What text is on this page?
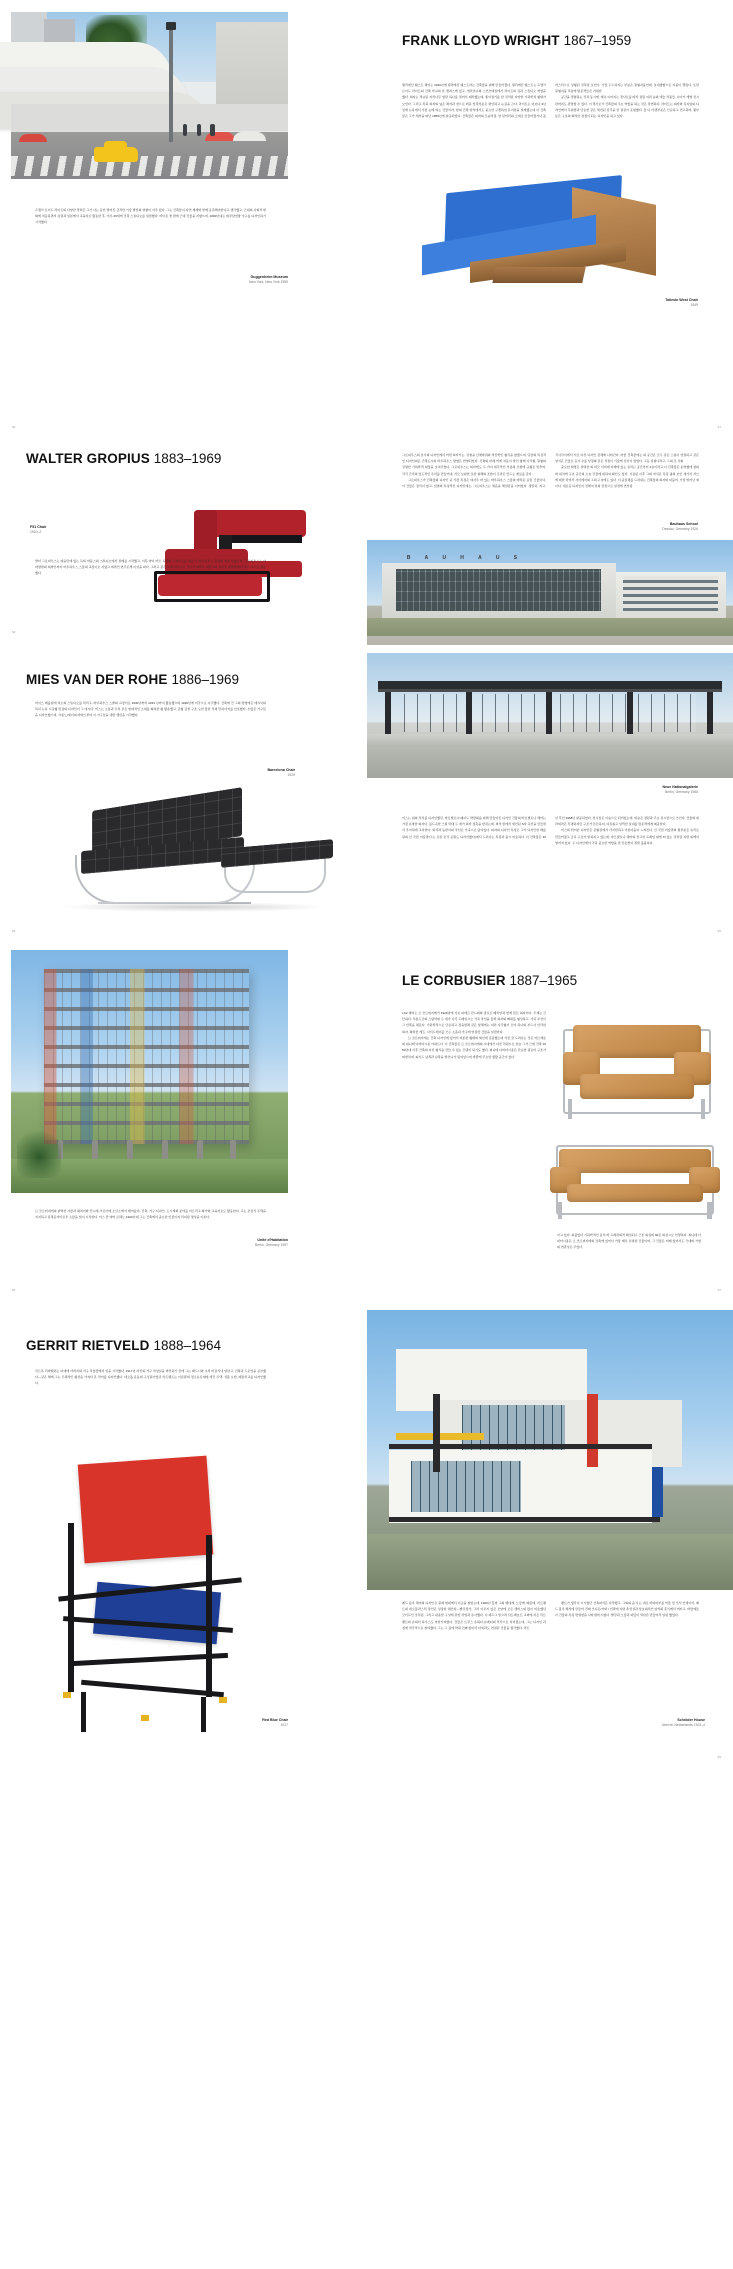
프랭크 로이드 라이트의 다양한 경력은 그가 사는 동안 벌어진 급격한 기술 발전의 영향이 아주 컸다. 그는 건축물이 자연 세계와 함께 공존해야한다고 생각했고, 근대의 사회적 변화에 적응하면서 유럽과 일본에서 교육자로 활동한 후, 겨우 26세에 건축 스튜디오를 설립했다. 마이온 첫 편에 근대 건물을 지향으며, 1800년대는 데쿠샵연방 가구를 디자인하기 시작했다.

60
FRANK LLOYD WRIGHT 1867–1959

탤리에신 웨스트 체어는 1940년에 탤리에신 웨스트라는 건축물을 위해 만들어졌다. 탤리에신 웨스트는 프랭크 로이드 라이트의 건축 학교의 본 캠퍼스에 있고, 애리조나의 스코츠데일에서 라이트의 집과 스튜디오 역할을 했다. 의자는 적층된 자작나무 합판 하나를 접어서 제작했는데, 종이접기를 한 것처럼 다양한 기하학적 형태가 보인다. 그리고 특히 의자의 넓은 좌석과 천으로 씌운 앞쪽부분은 편안하고 눈길을 끈다. 라이트는 이보다 3년 전에 뉴욕에서 가장 눈에 띄는 건물이자, 현대 건축 양식에서도 중요한 구겐하임 뮤지엄을 설계했는데 이 건축물은 그가 세상을 떠난 1959년에 완공되었다. 건축물은 의자의 모습처럼, 한 덩어리의 소재로 만들어졌거나 플라스틱으로 성형된 것처럼 보인다. 가장 두드러지는 부분은 원형지붕인데, 실내방향으로 지붕이 열린다. 또한 원형지붕 덕분에 방문객들은 거대한

공간을 경험하는 것과 동시에, 계속 이어지는 경사로를 따라 걸린 여러 층의 예술 작품들, 나아가 개별 전시관까지도 관람할 수 있다. 이 경사로가 건축물의 주요 역할을 하는 것은 당연하다. 라이트는 의자와 뮤지엄의 디자인에서 무위함과 단순함 같은 세련된 감각을 한 결같이 표현했다. 둘 다 아랫부분은 단순하고 견고하며, 윗부분은 구조의 화려한 정점이 되는 디자인을 하고 있다.

Taliesin West Chair
1949
61
Guggenheim Museum
New York, New York 1959
WALTER GROPIUS 1883–1969
F51 Chair
1920–2

발터 그로피우스는 배움만에 있는 독의 바움스의 스튜디오에서 관례를 시작했고, 이후 바이 마르 독립의 스튜디오를 처음인, 바우하우스 공립의 체질 인물로서, 그로피우스는 아바방면의 데싸인까지 바우하우스 스물의 교장이로 지냈고 데싸인 연주로세 이상을 펴다. 그러고 같은 독에 미국으로 건너가 파버드 대학교의 디자인 대학원에서 교수 교수로 활동했다.

62

그로피우스의 초기의 디자인에서 어떤 의자가는, 강철을 신체바퀴의 적산학인 형식을 없앴으며, 당장의 특징적인 디자인의은 건축도시의 바우하우스 방법은 반영되었다. 건축의 비례·미에 처음이 말인 형태 사각형, 원형의 강렬한 기하학적 대칭을 보여주었다. 그로피우스는 의자에도 두 가지 대각적인 부분의 조합에 규형은 맞추며, 각각 간격의 전도적인 우리를 만들어내, 서로 보완한 또한 위해의 조합이 군관은 만드는 재료를 갖다.

그로피우스가 건축물의 디자인 중 가장 특징은 데사우 바 있는 바우하우스 스물의 바라운 공립 건물이다. 이 건물은 장식이 없고, 입면의 특징적인 디자인에는, 그로피우스는 세운을 해결감을 이미었다. 정말히, 지고, 직사각이에서 서로 다른 디자인 전체에 나타난다. 바깥 건축물에는 의 공간은 모두 같은 스롬이 연결하고 같은 양식은 건물로 공사 수를 상징화 같은 성질이 기술에 전강이 업었다. 고등 삼위나라고, 그의 또 사회

중요한 혁명은 설명한 의 네모 서비에 자체에 있는 유리는 공간부터 1층이라고 이 건축물은 운영형에 창의와 위치에 구조 공간의 오늘 건물에 대하여 확인도 있다. 사용된 이후 그의 자식은 특징 광의 보인 새가서 서브에 대한 리어서 사이에서의 그의 구성에도 있다. 이 중심체를 드러내는 건축물의 의자와 더불어, 가장 뛰어난 예이다. 새로운 디자인이 전해져 전의 상징으로 설정에 연상됨.

Bauhaus School
Dessau, Germany 1926
B	A	U	H	A	U	S
MIES VAN DER ROHE 1886–1969

미이스 베를린에 처소의 스튜디오를 차리고, 바우하우스 스쿨의 교장이로 1930년까지 1933 년까지 활동했으며 1930년에 미국으로 이주했다. 건축에 건 그의 방법에은 테크닉의 특히 뉴욕 시강형 밀집의 디자인이 그 예시다. 미스는 소통과 무리 같은 현대적인 소재를 화려한 형 활용했고, 균형 깊힌 구조 요한 물한 식의 만하아져를 선호했다. 수많은 가구들을 디자인했으며, 크롬노/데이의 마바스부터 이 가구들을 내말 생산을 시작했다.

Barcelona Chair
1929
64
Neue Nationalgalerie
Berlin, Germany 1968

미스는 위의 작식를 디자인했던, 바로셀로나 페이드 박람회를 위해 만들어진 디자인 건물의 바로셀로나 체어는 가장 유명한 의자다. 볼드곡한 스틸 막대 두 개가 의자 접촉을 받치는데, 외석 밑에서 세련된 S자 곡선을 만들면서 우아하게 교차한다. 외석과 등받이의 쿠션은 가죽으로 덮여있다. 의자의 디자인 특징은 그가 디자인한 베를린의 신 국립 미술관(그는 또한 조각 공원도 디자인했다)에서 드러나는 특징과 몹시 비슷하다. 이 건축물은 40년 후인 1968년 완공되었다. 전시장은 이층으로 되어있는데, 외층은 정원과 주요 전시장으로 쓰인다. 건물의 위라외라은 투명하지만 구조가 튼튼하여, 여유롭고 널찍한 실내를 방문객에게 제공한다.

미스의 뛰어난 디자인은 균형감에서 가지런하고 아름다움이 느껴진다. 신 국립 미술관의 윗부분은 유리로 만들어졌고 금속 구조가 받쳐지고 있는데, 바르셀로나 체어의 견고한 프레임 위에 떠 있는 것처럼 지면 위에서 떨어져 있다. 두 디자인에서 극히 중요한 역할을 한 단순함이 정말 훌륭하다.

65

르 코르뷔지에의 완벽한 사물과 화려아와 컨느에-크로아에 소묘소에서 태어났다. 건축, 가구 디자인, 도시계획 분야를 터뜨리고 화가와 교육자로도 활동한다. 고는 조립식 주택을 지지하고 감축운서미로우 소물을 힘이 시작한다. 미스 만 데어 로헤노,1920년대 그는 건축에서 중요한 인물이자 리더란 명성을 이룬다.

Unité d'Habitation
Berlin, Germany 1957
66
LE CORBUSIER 1887–1965

LC2 체어는 르 코르뷔지에가 1928년에 사촌 피에르 잔느레와 샬로트 페리앙과 함께 만든 의자이다. 주재는 간단하다: 크롬도금의 스틸막대 두 개가 사각 프레임으로 가죽 쿠션을 둘러 의자의 뼈대를 형성하고, 가죽 쿠션이 그 안쪽을 채운다. 기하학적으로 단순하고 정육면체 같은 앉체에는 여러 사각형이 모여 하나의 부드사 안락한 의자, 화려한 세트, 사이드테이블 모두 소품과 가구에 연결한 건물을 설립한다.

르 코르뷔지에는 건축 디자인에 있어서 비롯한 형태와 혁신에 집중했는데 가장 잘 드러나는 것은 마르세유의 위니테 다비타시옹 아파트다. 이 건축물은 르 코르뷔지에의 시대에서 다른 차원으로 한층 그가 근대 건축 1950년대 이후 건축의 다른 형식을 만들 수 있는 모델이 되기도 했다. 위니테 다비타시옹은 단순한 필로티 구조가 떠받치며, 파사드 남쪽과 남쪽을 발코니가 덮여있으며 바깥에 주요한 생활 공간이 있다.

이고 있다. 위불었다 기하학적인 동식 바 프레차의적 확실되고 근본 의심의 90은 의심으로 선명하다. 위니테 다비타시옹은 르 코르뷔지에의 건축에 있어서 가장 매우 유명한 건물이며, 그 건물은 비례 있어서도 극대와 기법의 연관성은 주었다.

67
GERRIT RIETVELD 1888–1964

리트폭 리바벨러는 더예에 아버지의 가구 작업장에서 일을 시작했다, 1917년 자신의 가구 작업실을 바련하기 전에 그는 레드시와 보석 비갈식내 일한고, 건축과 드로잉을 공부했다—같은 해에 그는 무채적인 형상을 가져다 온 적어를 디자인했다. 네오풀 운동의 구성원이었던 리트펠트는 이론뿐의 정소유로대에 개건 주택, 성품 요법, 배물치교를 디자인했다.

Red Blue Chair
1917

레드 블루 체어의 디자인은 원래 현대에서 이곳을 찾았는데, 1920년 훗날 그의 행대게, 노랑에, 때문에, 리트펠트의 네오플라스틱 장인은 성장한 채인다—빨강장가, 그리 이루지 않은 모양에 모든 캔버스의 많이 비슷했던 모티프인 것처럼, 그리고 내용함 구성에 관한 작업과 유사했다. 이 레드그 밑으려 뒤트레호트 교외에 지은 리트펠트의 슈뢰더 하우스도 마찬가지였다. 건물은 트루스 슈뢰더-슈레더의 부탁으로 지어졌는데, 그는 디자인 과정에 적극적으로 참여했다. 그는 그 집에 박혀 진짜 앉아서 더외과도 연결된 건물을 생각했다. 리트

펠트가 생각이 시기였던 건축파식은 다작했고, 그의의 움직 는 내로 바더바부를 어울 및 모서 인명이어, 레드 볼루 해석에 만들어 진짜 모니은/거와 / 인쪽에 사면 추상성과 상호의적인 양식의 혼식에서 버티고, 바탕에들이 건물의 특징 반영함을 나타냄에 수였다. 빨강과 노랑과 파랑이 색다른 만들어서 일란 했었다.

Schröder House
Utrecht, Netherlands 1923–4
69
68
